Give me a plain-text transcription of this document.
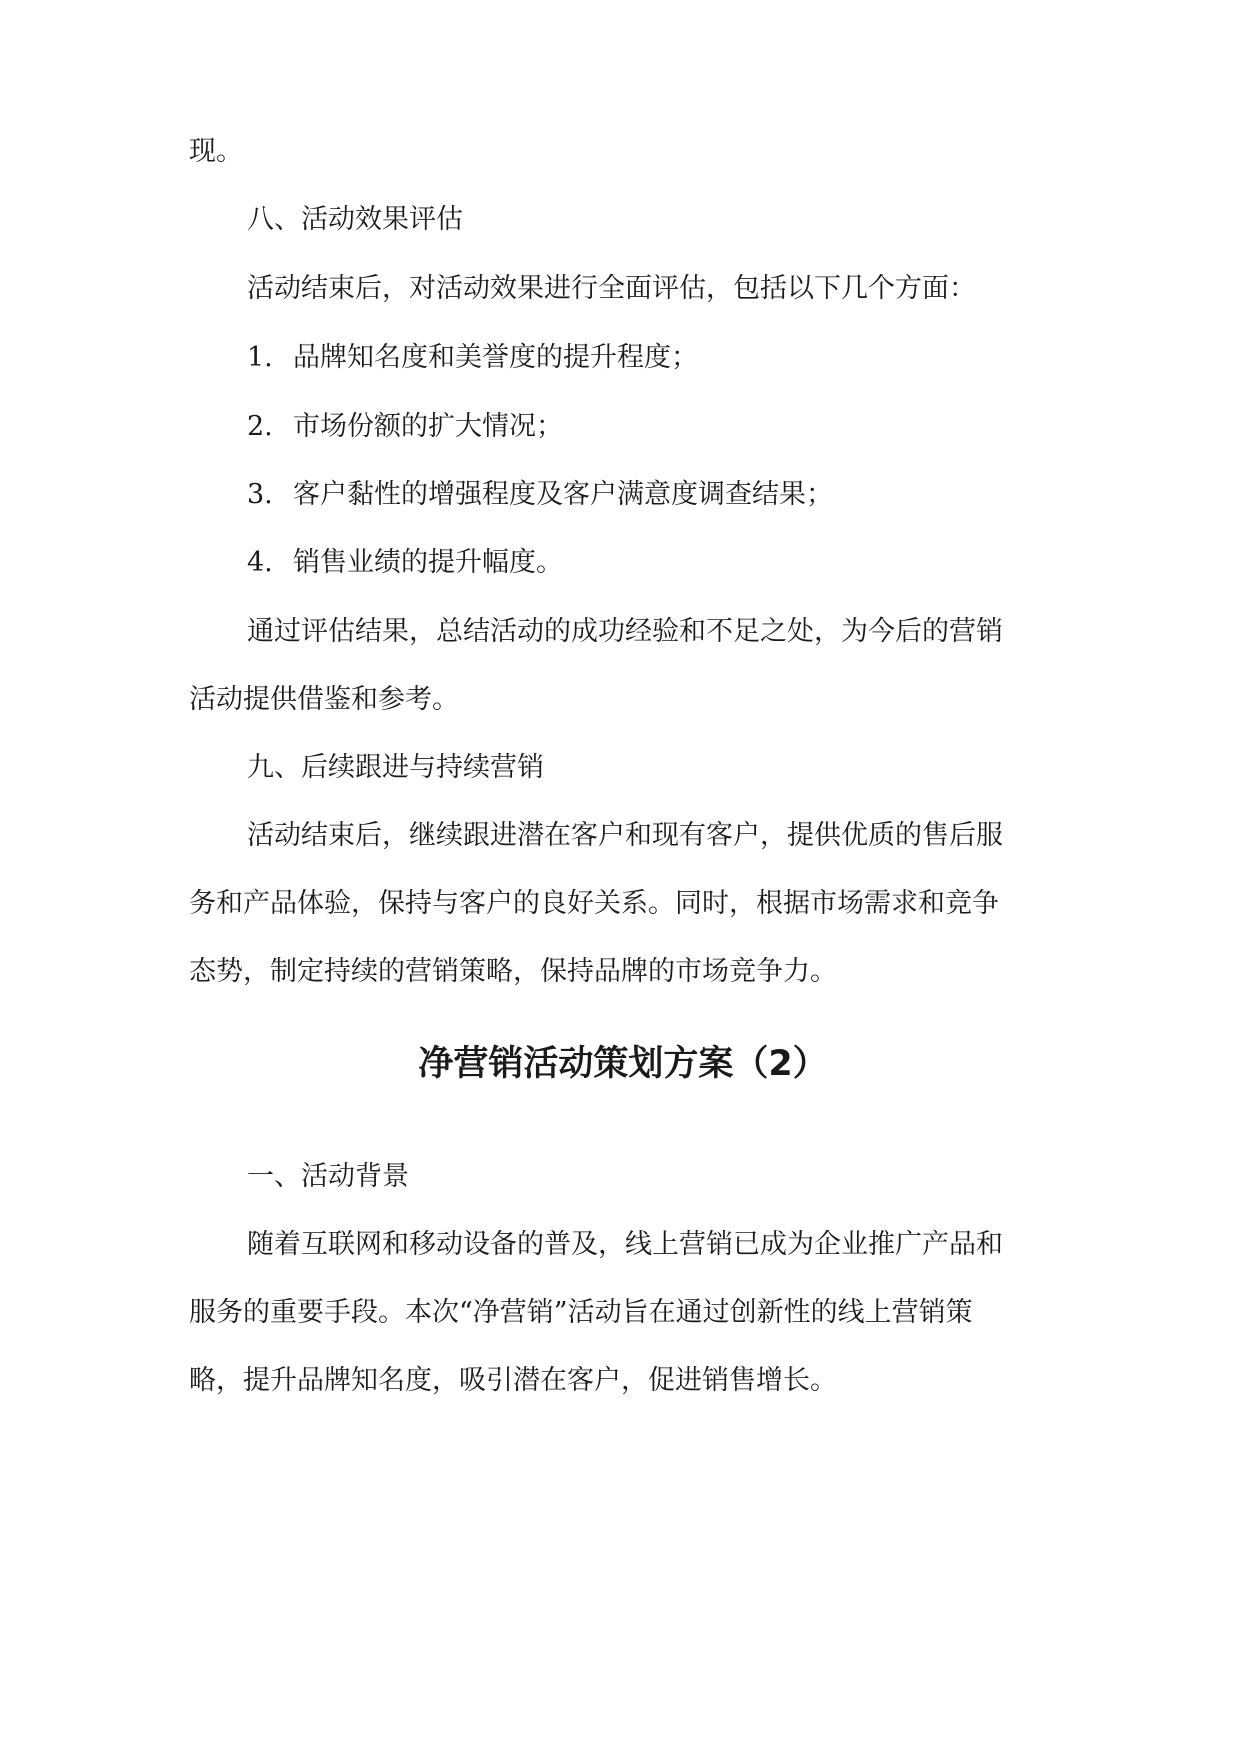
现。

八、活动效果评估

活动结束后，对活动效果进行全面评估，包括以下几个方面：

1. 品牌知名度和美誉度的提升程度；

2. 市场份额的扩大情况；

3. 客户黏性的增强程度及客户满意度调查结果；

4. 销售业绩的提升幅度。

通过评估结果，总结活动的成功经验和不足之处，为今后的营销

活动提供借鉴和参考。

九、后续跟进与持续营销

活动结束后，继续跟进潜在客户和现有客户，提供优质的售后服

务和产品体验，保持与客户的良好关系。同时，根据市场需求和竞争

态势，制定持续的营销策略，保持品牌的市场竞争力。

净营销活动策划方案（2）

一、活动背景

随着互联网和移动设备的普及，线上营销已成为企业推广产品和

服务的重要手段。本次“净营销”活动旨在通过创新性的线上营销策

略，提升品牌知名度，吸引潜在客户，促进销售增长。
